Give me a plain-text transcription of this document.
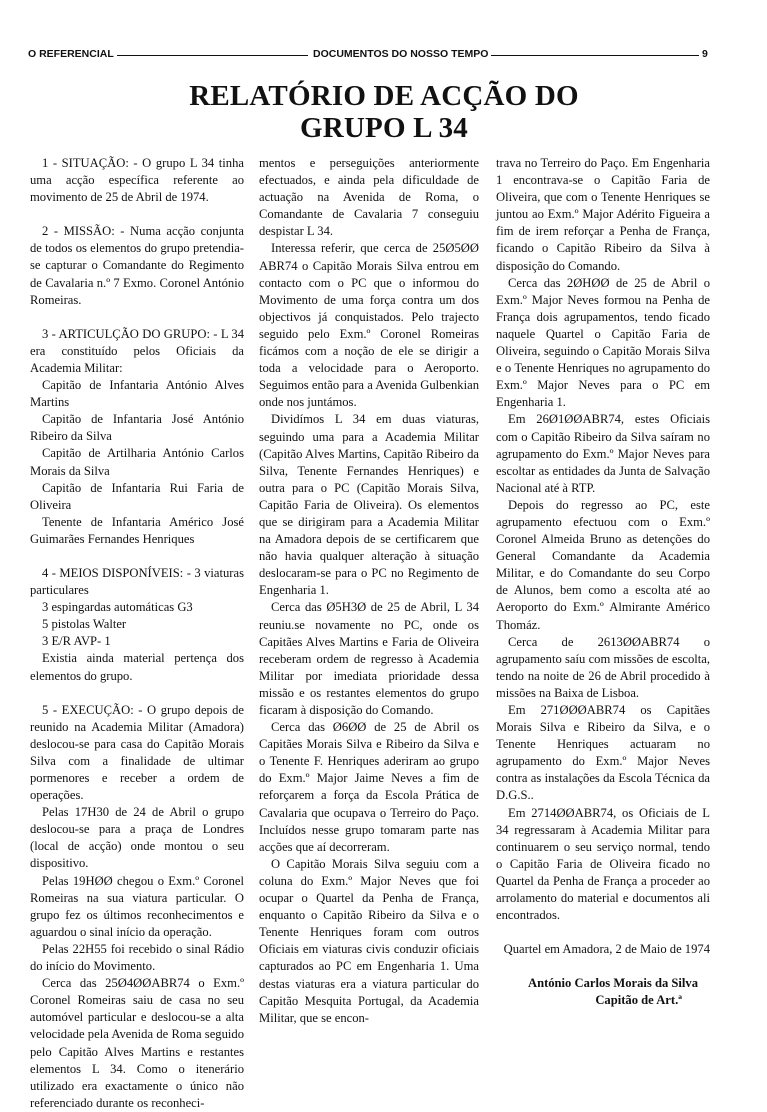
O REFERENCIAL	DOCUMENTOS DO NOSSO TEMPO	9
RELATÓRIO DE ACÇÃO DO
GRUPO L 34

1 - SITUAÇÃO: - O grupo L 34 tinha uma acção específica referente ao movimento de 25 de Abril de 1974.

2 - MISSÃO: - Numa acção conjunta de todos os elementos do grupo pretendia-se capturar o Comandante do Regimento de Cavalaria n.º 7 Exmo. Coronel António Romeiras.

3 - ARTICULÇÃO DO GRUPO: - L 34 era constituído pelos Oficiais da Academia Militar:

Capitão de Infantaria António Alves Martins

Capitão de Infantaria José António Ribeiro da Silva

Capitão de Artilharia António Carlos Morais da Silva

Capitão de Infantaria Rui Faria de Oliveira

Tenente de Infantaria Américo José Guimarães Fernandes Henriques

4 - MEIOS DISPONÍVEIS: - 3 viaturas particulares

3 espingardas automáticas G3

5 pistolas Walter

3 E/R AVP- 1

Existia ainda material pertença dos elementos do grupo.

5 - EXECUÇÃO: - O grupo depois de reunido na Academia Militar (Amadora) deslocou-se para casa do Capitão Morais Silva com a finalidade de ultimar pormenores e receber a ordem de operações.

Pelas 17H30 de 24 de Abril o grupo deslocou-se para a praça de Londres (local de acção) onde montou o seu dispositivo.

Pelas 19HØØ chegou o Exm.º Coronel Romeiras na sua viatura particular. O grupo fez os últimos reconhecimentos e aguardou o sinal início da operação.

Pelas 22H55 foi recebido o sinal Rádio do início do Movimento.

Cerca das 25Ø4ØØABR74 o Exm.º Coronel Romeiras saiu de casa no seu automóvel particular e deslocou-se a alta velocidade pela Avenida de Roma seguido pelo Capitão Alves Martins e restantes elementos L 34. Como o itenerário utilizado era exactamente o único não referenciado durante os reconheci-

mentos e perseguições anteriormente efectuados, e ainda pela dificuldade de actuação na Avenida de Roma, o Comandante de Cavalaria 7 conseguiu despistar L 34.

Interessa referir, que cerca de 25Ø5ØØ ABR74 o Capitão Morais Silva entrou em contacto com o PC que o informou do Movimento de uma força contra um dos objectivos já conquistados. Pelo trajecto seguido pelo Exm.º Coronel Romeiras ficámos com a noção de ele se dirigir a toda a velocidade para o Aeroporto. Seguimos então para a Avenida Gulbenkian onde nos juntámos.

Dividímos L 34 em duas viaturas, seguindo uma para a Academia Militar (Capitão Alves Martins, Capitão Ribeiro da Silva, Tenente Fernandes Henriques) e outra para o PC (Capitão Morais Silva, Capitão Faria de Oliveira). Os elementos que se dirigiram para a Academia Militar na Amadora depois de se certificarem que não havia qualquer alteração à situação deslocaram-se para o PC no Regimento de Engenharia 1.

Cerca das Ø5H3Ø de 25 de Abril, L 34 reuniu.se novamente no PC, onde os Capitães Alves Martins e Faria de Oliveira receberam ordem de regresso à Academia Militar por imediata prioridade dessa missão e os restantes elementos do grupo ficaram à disposição do Comando.

Cerca das Ø6ØØ de 25 de Abril os Capitães Morais Silva e Ribeiro da Silva e o Tenente F. Henriques aderiram ao grupo do Exm.º Major Jaime Neves a fim de reforçarem a força da Escola Prática de Cavalaria que ocupava o Terreiro do Paço. Incluídos nesse grupo tomaram parte nas acções que aí decorreram.

O Capitão Morais Silva seguiu com a coluna do Exm.º Major Neves que foi ocupar o Quartel da Penha de França, enquanto o Capitão Ribeiro da Silva e o Tenente Henriques foram com outros Oficiais em viaturas civis conduzir oficiais capturados ao PC em Engenharia 1. Uma destas viaturas era a viatura particular do Capitão Mesquita Portugal, da Academia Militar, que se encon-

trava no Terreiro do Paço. Em Engenharia 1 encontrava-se o Capitão Faria de Oliveira, que com o Tenente Henriques se juntou ao Exm.º Major Adérito Figueira a fim de irem reforçar a Penha de França, ficando o Capitão Ribeiro da Silva à disposição do Comando.

Cerca das 2ØHØØ de 25 de Abril o Exm.º Major Neves formou na Penha de França dois agrupamentos, tendo ficado naquele Quartel o Capitão Faria de Oliveira, seguindo o Capitão Morais Silva e o Tenente Henriques no agrupamento do Exm.º Major Neves para o PC em Engenharia 1.

Em 26Ø1ØØABR74, estes Oficiais com o Capitão Ribeiro da Silva saíram no agrupamento do Exm.º Major Neves para escoltar as entidades da Junta de Salvação Nacional até à RTP.

Depois do regresso ao PC, este agrupamento efectuou com o Exm.º Coronel Almeida Bruno as detenções do General Comandante da Academia Militar, e do Comandante do seu Corpo de Alunos, bem como a escolta até ao Aeroporto do Exm.º Almirante Américo Thomáz.

Cerca de 2613ØØABR74 o agrupamento saíu com missões de escolta, tendo na noite de 26 de Abril procedido à missões na Baixa de Lisboa.

Em 271ØØØABR74 os Capitães Morais Silva e Ribeiro da Silva, e o Tenente Henriques actuaram no agrupamento do Exm.º Major Neves contra as instalações da Escola Técnica da D.G.S..

Em 2714ØØABR74, os Oficiais de L 34 regressaram à Academia Militar para continuarem o seu serviço normal, tendo o Capitão Faria de Oliveira ficado no Quartel da Penha de França a proceder ao arrolamento do material e documentos ali encontrados.

Quartel em Amadora, 2 de Maio de 1974

António Carlos Morais da Silva

Capitão de Art.ª
